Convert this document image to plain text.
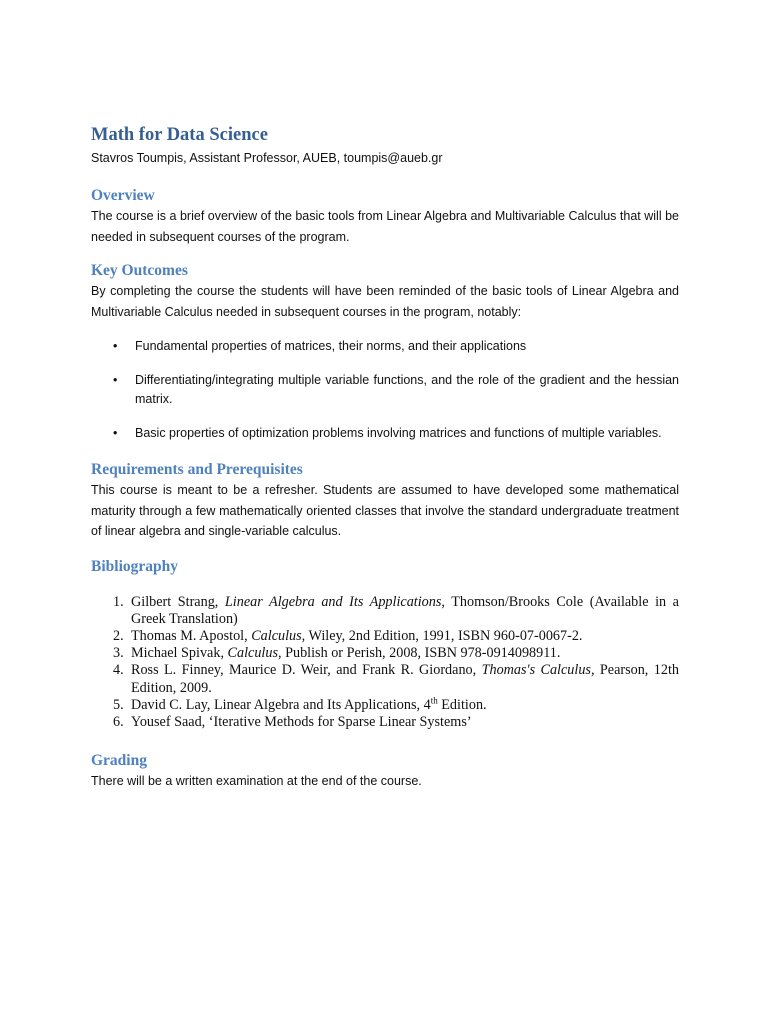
Math for Data Science

Stavros Toumpis, Assistant Professor, AUEB, toumpis@aueb.gr

Overview

The course is a brief overview of the basic tools from Linear Algebra and Multivariable Calculus that will be needed in subsequent courses of the program.

Key Outcomes

By completing the course the students will have been reminded of the basic tools of Linear Algebra and Multivariable Calculus needed in subsequent courses in the program, notably:

• Fundamental properties of matrices, their norms, and their applications
• Differentiating/integrating multiple variable functions, and the role of the gradient and the hessian matrix.
• Basic properties of optimization problems involving matrices and functions of multiple variables.
Requirements and Prerequisites

This course is meant to be a refresher. Students are assumed to have developed some mathematical maturity through a few mathematically oriented classes that involve the standard undergraduate treatment of linear algebra and single-variable calculus.

Bibliography
1. Gilbert Strang, Linear Algebra and Its Applications, Thomson/Brooks Cole (Available in a Greek Translation)
2. Thomas M. Apostol, Calculus, Wiley, 2nd Edition, 1991, ISBN 960-07-0067-2.
3. Michael Spivak, Calculus, Publish or Perish, 2008, ISBN 978-0914098911.
4. Ross L. Finney, Maurice D. Weir, and Frank R. Giordano, Thomas's Calculus, Pearson, 12th Edition, 2009.
5. David C. Lay, Linear Algebra and Its Applications, 4th Edition.
6. Yousef Saad, ‘Iterative Methods for Sparse Linear Systems’
Grading

There will be a written examination at the end of the course.
